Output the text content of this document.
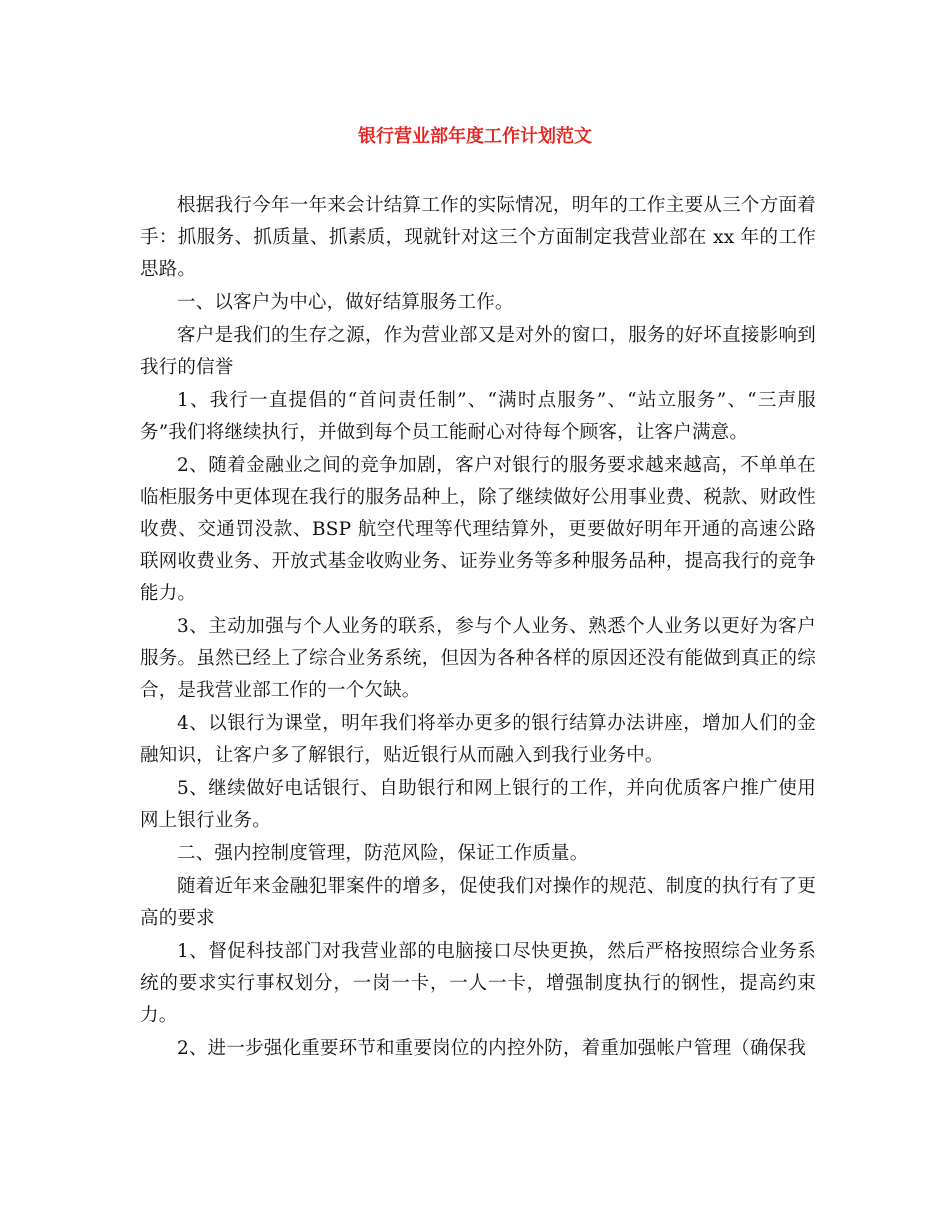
银行营业部年度工作计划范文

根据我行今年一年来会计结算工作的实际情况，明年的工作主要从三个方面着手：抓服务、抓质量、抓素质，现就针对这三个方面制定我营业部在 xx 年的工作思路。

一、以客户为中心，做好结算服务工作。

客户是我们的生存之源，作为营业部又是对外的窗口，服务的好坏直接影响到我行的信誉

1、我行一直提倡的“首问责任制”、“满时点服务”、“站立服务”、“三声服务”我们将继续执行，并做到每个员工能耐心对待每个顾客，让客户满意。

2、随着金融业之间的竞争加剧，客户对银行的服务要求越来越高，不单单在临柜服务中更体现在我行的服务品种上，除了继续做好公用事业费、税款、财政性收费、交通罚没款、BSP 航空代理等代理结算外，更要做好明年开通的高速公路联网收费业务、开放式基金收购业务、证券业务等多种服务品种，提高我行的竞争能力。

3、主动加强与个人业务的联系，参与个人业务、熟悉个人业务以更好为客户服务。虽然已经上了综合业务系统，但因为各种各样的原因还没有能做到真正的综合，是我营业部工作的一个欠缺。

4、以银行为课堂，明年我们将举办更多的银行结算办法讲座，增加人们的金融知识，让客户多了解银行，贴近银行从而融入到我行业务中。

5、继续做好电话银行、自助银行和网上银行的工作，并向优质客户推广使用网上银行业务。

二、强内控制度管理，防范风险，保证工作质量。

随着近年来金融犯罪案件的增多，促使我们对操作的规范、制度的执行有了更高的要求

1、督促科技部门对我营业部的电脑接口尽快更换，然后严格按照综合业务系统的要求实行事权划分，一岗一卡，一人一卡，增强制度执行的钢性，提高约束力。

2、进一步强化重要环节和重要岗位的内控外防，着重加强帐户管理（确保我
